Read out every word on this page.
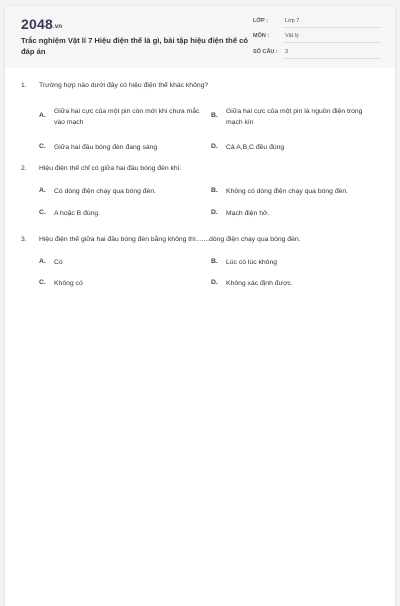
2048.vn
Trắc nghiệm Vật lí 7 Hiệu điện thế là gì, bài tập hiệu điện thế có đáp án
LỚP :	Lớp 7
MÔN :	Vật lý
SỐ CÂU : 3
1. Trường hợp nào dưới đây có hiệu điện thế khác không?
A.
Giữa hai cực của một pin còn mới khi chưa mắc vào mạch
B.
Giữa hai cực của một pin là nguồn điện trong mạch kín
C. Giữa hai đầu bóng đèn đang sáng	D. Cả A,B,C đều đúng
2. Hiệu điện thế chỉ có giữa hai đầu bóng đèn khi:
A. Có dòng điện chạy qua bóng đèn.	B. Không có dòng điện chạy qua bóng đèn.
C. A hoặc B đúng.	D. Mạch điện hở.
3. Hiệu điện thế giữa hai đầu bóng đèn bằng không thì.......dòng điện chạy qua bóng đèn.
A. Có	B. Lúc có lúc không
C. Không có	D. Không xác định được.
